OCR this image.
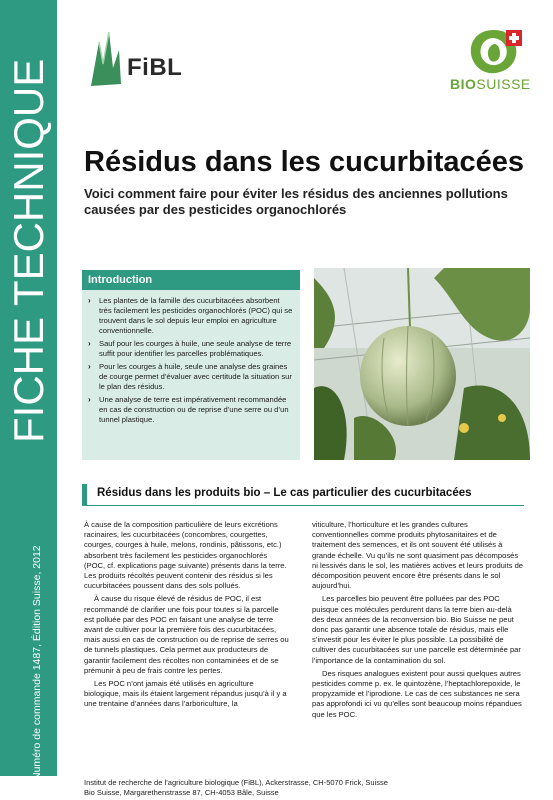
FICHE TECHNIQUE
Numéro de commande 1487, Édition Suisse, 2012
FiBL
BIOSUISSE
Résidus dans les cucurbitacées

Voici comment faire pour éviter les résidus des anciennes pollutions causées par des pesticides organochlorés

Introduction
› Les plantes de la famille des cucurbitacées absorbent très facilement les pesticides organochlorés (POC) qui se trouvent dans le sol depuis leur emploi en agriculture conventionnelle.
› Sauf pour les courges à huile, une seule analyse de terre suffit pour identifier les parcelles problématiques.
› Pour les courges à huile, seule une analyse des graines de courge permet d’évaluer avec certitude la situation sur le plan des résidus.
› Une analyse de terre est impérativement recommandée en cas de construction ou de reprise d’une serre ou d’un tunnel plastique.
Résidus dans les produits bio – Le cas particulier des cucurbitacées

À cause de la composition particulière de leurs excrétions racinaires, les cucurbitacées (concombres, courgettes, courges, courges à huile, melons, rondinis, pâtissons, etc.) absorbent très facilement les pesticides organochlorés (POC, cf. explications page suivante) présents dans la terre. Les produits récoltés peuvent contenir des résidus si les cucurbitacées poussent dans des sols pollués.

À cause du risque élevé de résidus de POC, il est recommandé de clarifier une fois pour toutes si la parcelle est polluée par des POC en faisant une analyse de terre avant de cultiver pour la première fois des cucurbitacées, mais aussi en cas de construction ou de reprise de serres ou de tunnels plastiques. Cela permet aux producteurs de garantir facilement des récoltes non contaminées et de se prémunir à peu de frais contre les pertes.

Les POC n’ont jamais été utilisés en agriculture biologique, mais ils étaient largement répandus jusqu’à il y a une trentaine d’années dans l’arboriculture, la

viticulture, l’horticulture et les grandes cultures conventionnelles comme produits phytosanitaires et de traitement des semences, et ils ont souvent été utilisés à grande échelle. Vu qu’ils ne sont quasiment pas décomposés ni lessivés dans le sol, les matières actives et leurs produits de décomposition peuvent encore être présents dans le sol aujourd’hui.

Les parcelles bio peuvent être polluées par des POC puisque ces molécules perdurent dans la terre bien au-delà des deux années de la reconversion bio. Bio Suisse ne peut donc pas garantir une absence totale de résidus, mais elle s’investit pour les éviter le plus possible. La possibilité de cultiver des cucurbitacées sur une parcelle est déterminée par l’importance de la contamination du sol.

Des risques analogues existent pour aussi quelques autres pesticides comme p. ex. le quintozène, l’heptachlorepoxide, le propyzamide et l’iprodione. Le cas de ces substances ne sera pas approfondi ici vu qu’elles sont beaucoup moins répandues que les POC.

Institut de recherche de l’agriculture biologique (FiBL), Ackerstrasse, CH-5070 Frick, Suisse
Bio Suisse, Margarethenstrasse 87, CH-4053 Bâle, Suisse
